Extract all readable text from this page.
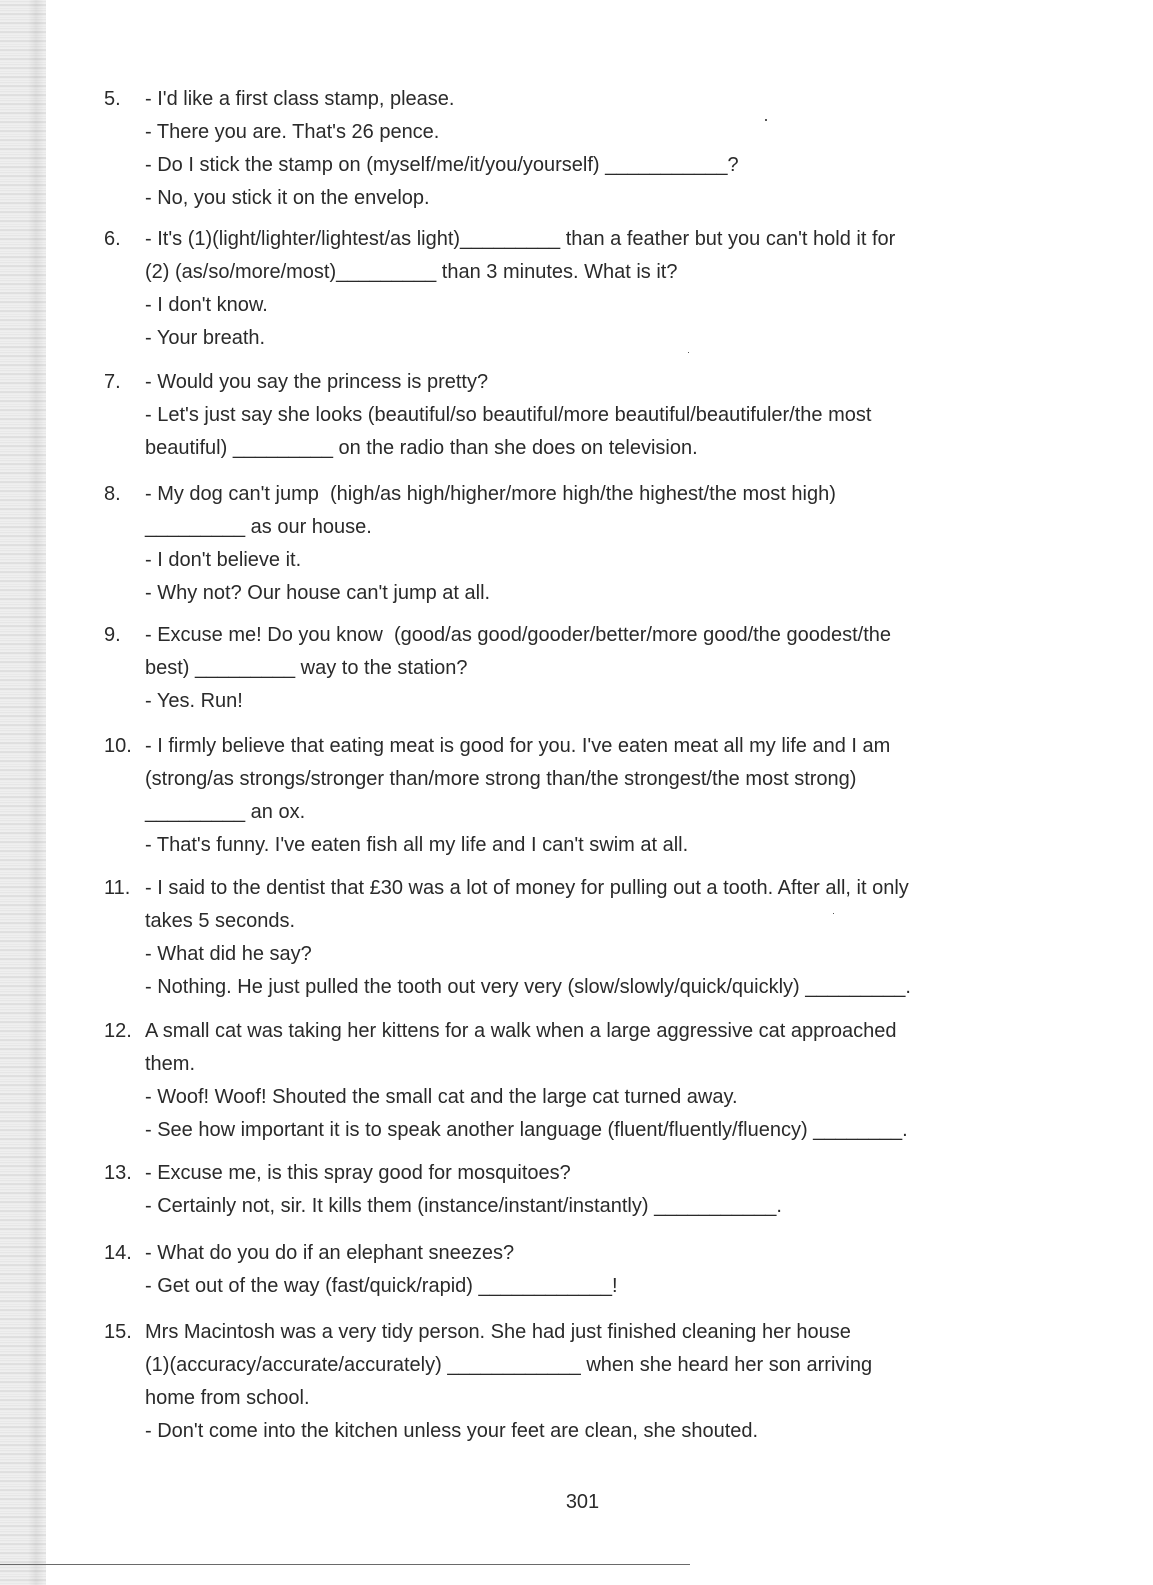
5. - I'd like a first class stamp, please.
- There you are. That's 26 pence.
- Do I stick the stamp on (myself/me/it/you/yourself) ___________?
- No, you stick it on the envelop.
6. - It's (1)(light/lighter/lightest/as light)_________ than a feather but you can't hold it for
(2) (as/so/more/most)_________ than 3 minutes. What is it?
- I don't know.
- Your breath.
7. - Would you say the princess is pretty?
- Let's just say she looks (beautiful/so beautiful/more beautiful/beautifuler/the most
beautiful) _________ on the radio than she does on television.
8. - My dog can't jump  (high/as high/higher/more high/the highest/the most high)
_________ as our house.
- I don't believe it.
- Why not? Our house can't jump at all.
9. - Excuse me! Do you know  (good/as good/gooder/better/more good/the goodest/the
best) _________ way to the station?
- Yes. Run!
10. - I firmly believe that eating meat is good for you. I've eaten meat all my life and I am
(strong/as strongs/stronger than/more strong than/the strongest/the most strong)
_________ an ox.
- That's funny. I've eaten fish all my life and I can't swim at all.
11. - I said to the dentist that £30 was a lot of money for pulling out a tooth. After all, it only
takes 5 seconds.
- What did he say?
- Nothing. He just pulled the tooth out very very (slow/slowly/quick/quickly) _________.
12. A small cat was taking her kittens for a walk when a large aggressive cat approached
them.
- Woof! Woof! Shouted the small cat and the large cat turned away.
- See how important it is to speak another language (fluent/fluently/fluency) ________.
13. - Excuse me, is this spray good for mosquitoes?
- Certainly not, sir. It kills them (instance/instant/instantly) ___________.
14. - What do you do if an elephant sneezes?
- Get out of the way (fast/quick/rapid) ____________!
15. Mrs Macintosh was a very tidy person. She had just finished cleaning her house
(1)(accuracy/accurate/accurately) ____________ when she heard her son arriving
home from school.
- Don't come into the kitchen unless your feet are clean, she shouted.
301
